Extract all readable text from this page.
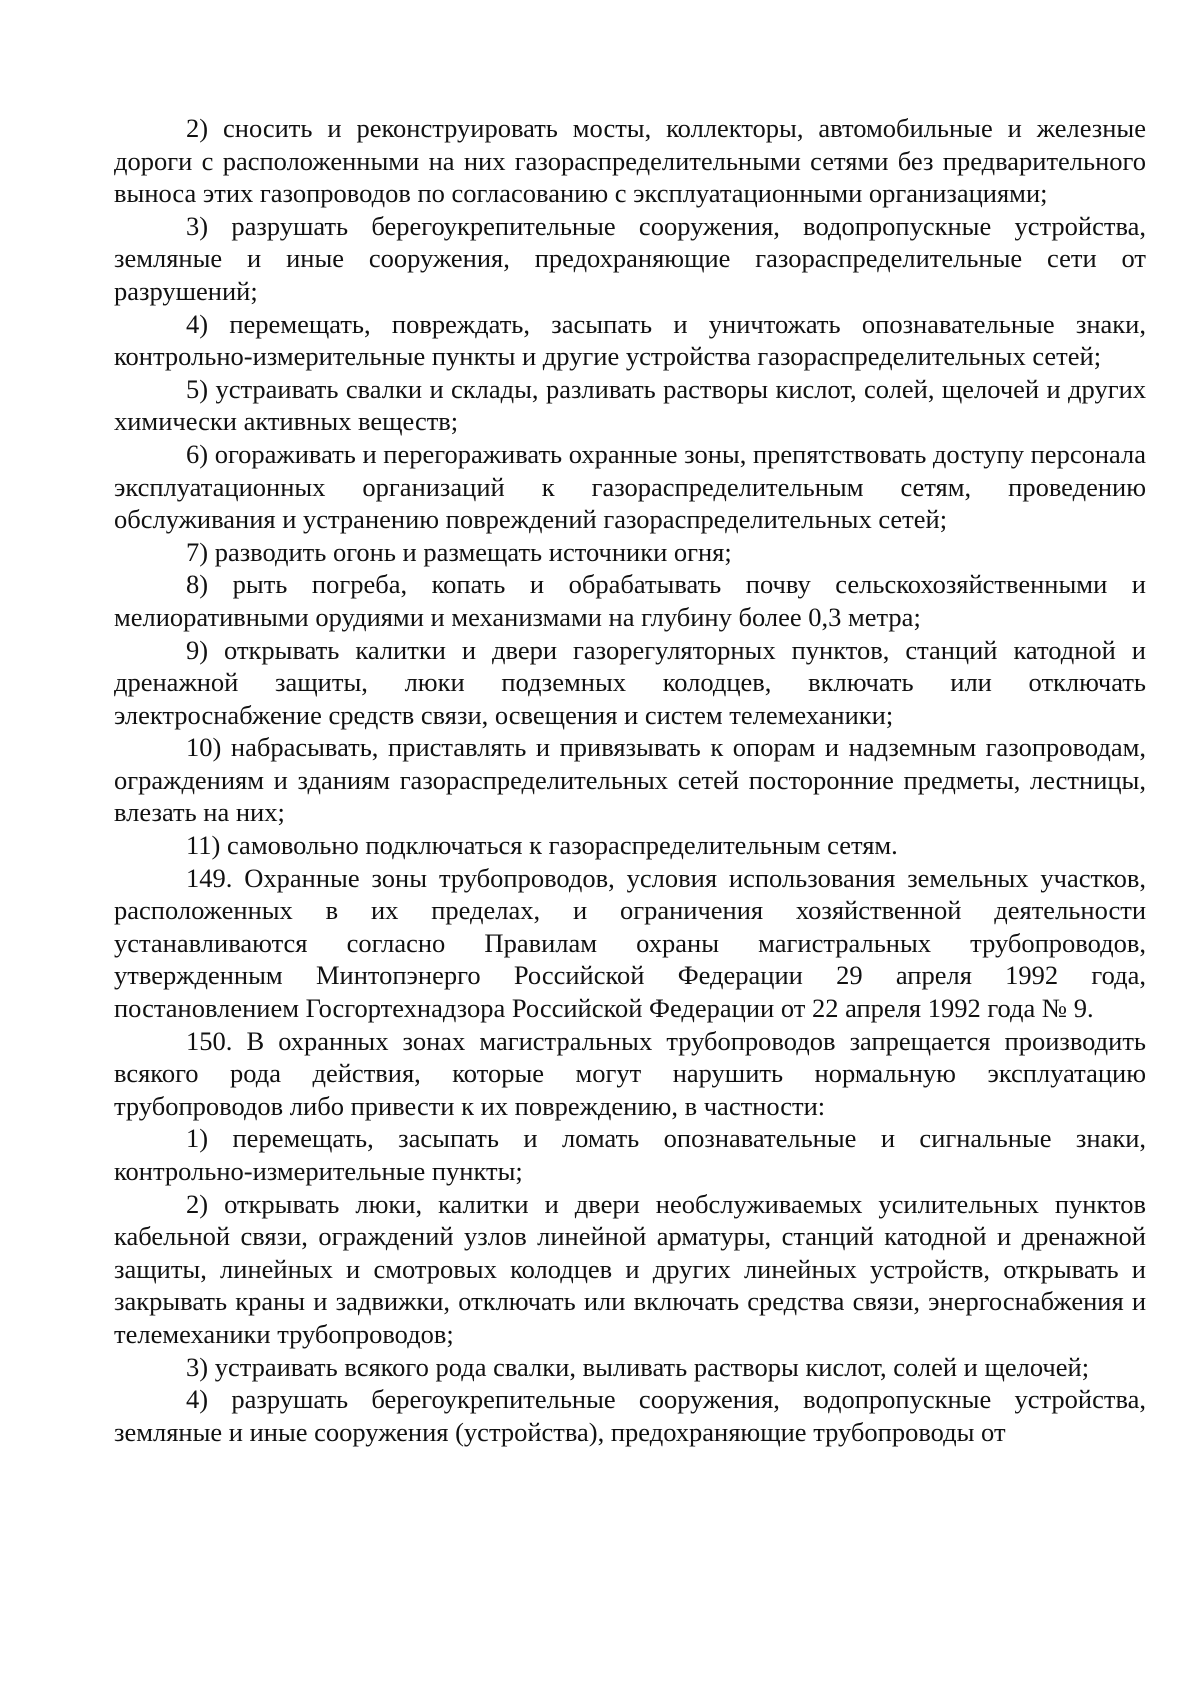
2) сносить и реконструировать мосты, коллекторы, автомобильные и железные дороги с расположенными на них газораспределительными сетями без предварительного выноса этих газопроводов по согласованию с эксплуатационными организациями;

3) разрушать берегоукрепительные сооружения, водопропускные устройства, земляные и иные сооружения, предохраняющие газораспределительные сети от разрушений;

4) перемещать, повреждать, засыпать и уничтожать опознавательные знаки, контрольно-измерительные пункты и другие устройства газораспределительных сетей;

5) устраивать свалки и склады, разливать растворы кислот, солей, щелочей и других химически активных веществ;

6) огораживать и перегораживать охранные зоны, препятствовать доступу персонала эксплуатационных организаций к газораспределительным сетям, проведению обслуживания и устранению повреждений газораспределительных сетей;

7) разводить огонь и размещать источники огня;

8) рыть погреба, копать и обрабатывать почву сельскохозяйственными и мелиоративными орудиями и механизмами на глубину более 0,3 метра;

9) открывать калитки и двери газорегуляторных пунктов, станций катодной и дренажной защиты, люки подземных колодцев, включать или отключать электроснабжение средств связи, освещения и систем телемеханики;

10) набрасывать, приставлять и привязывать к опорам и надземным газопроводам, ограждениям и зданиям газораспределительных сетей посторонние предметы, лестницы, влезать на них;

11) самовольно подключаться к газораспределительным сетям.

149. Охранные зоны трубопроводов, условия использования земельных участков, расположенных в их пределах, и ограничения хозяйственной деятельности устанавливаются согласно Правилам охраны магистральных трубопроводов, утвержденным Минтопэнерго Российской Федерации 29 апреля 1992 года, постановлением Госгортехнадзора Российской Федерации от 22 апреля 1992 года № 9.

150. В охранных зонах магистральных трубопроводов запрещается производить всякого рода действия, которые могут нарушить нормальную эксплуатацию трубопроводов либо привести к их повреждению, в частности:

1) перемещать, засыпать и ломать опознавательные и сигнальные знаки, контрольно-измерительные пункты;

2) открывать люки, калитки и двери необслуживаемых усилительных пунктов кабельной связи, ограждений узлов линейной арматуры, станций катодной и дренажной защиты, линейных и смотровых колодцев и других линейных устройств, открывать и закрывать краны и задвижки, отключать или включать средства связи, энергоснабжения и телемеханики трубопроводов;

3) устраивать всякого рода свалки, выливать растворы кислот, солей и щелочей;

4) разрушать берегоукрепительные сооружения, водопропускные устройства, земляные и иные сооружения (устройства), предохраняющие трубопроводы от
